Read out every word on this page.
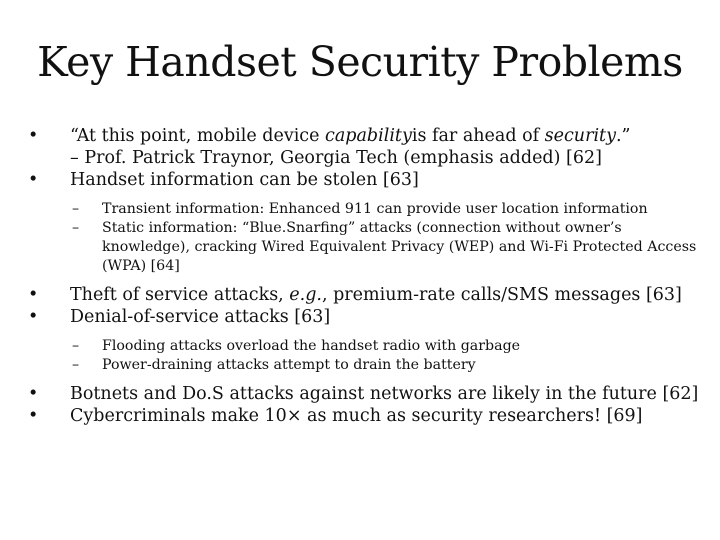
Key Handset Security Problems
• “At this point, mobile device capabilityis far ahead of security.”
– Prof. Patrick Traynor, Georgia Tech (emphasis added) [62]
• Handset information can be stolen [63]
– Transient information: Enhanced 911 can provide user location information
– Static information: “Blue.Snarfing” attacks (connection without owner’s knowledge), cracking Wired Equivalent Privacy (WEP) and Wi-Fi Protected Access (WPA) [64]
• Theft of service attacks, e.g., premium-rate calls/SMS messages [63]
• Denial-of-service attacks [63]
– Flooding attacks overload the handset radio with garbage
– Power-draining attacks attempt to drain the battery
• Botnets and Do.S attacks against networks are likely in the future [62]
• Cybercriminals make 10× as much as security researchers! [69]
